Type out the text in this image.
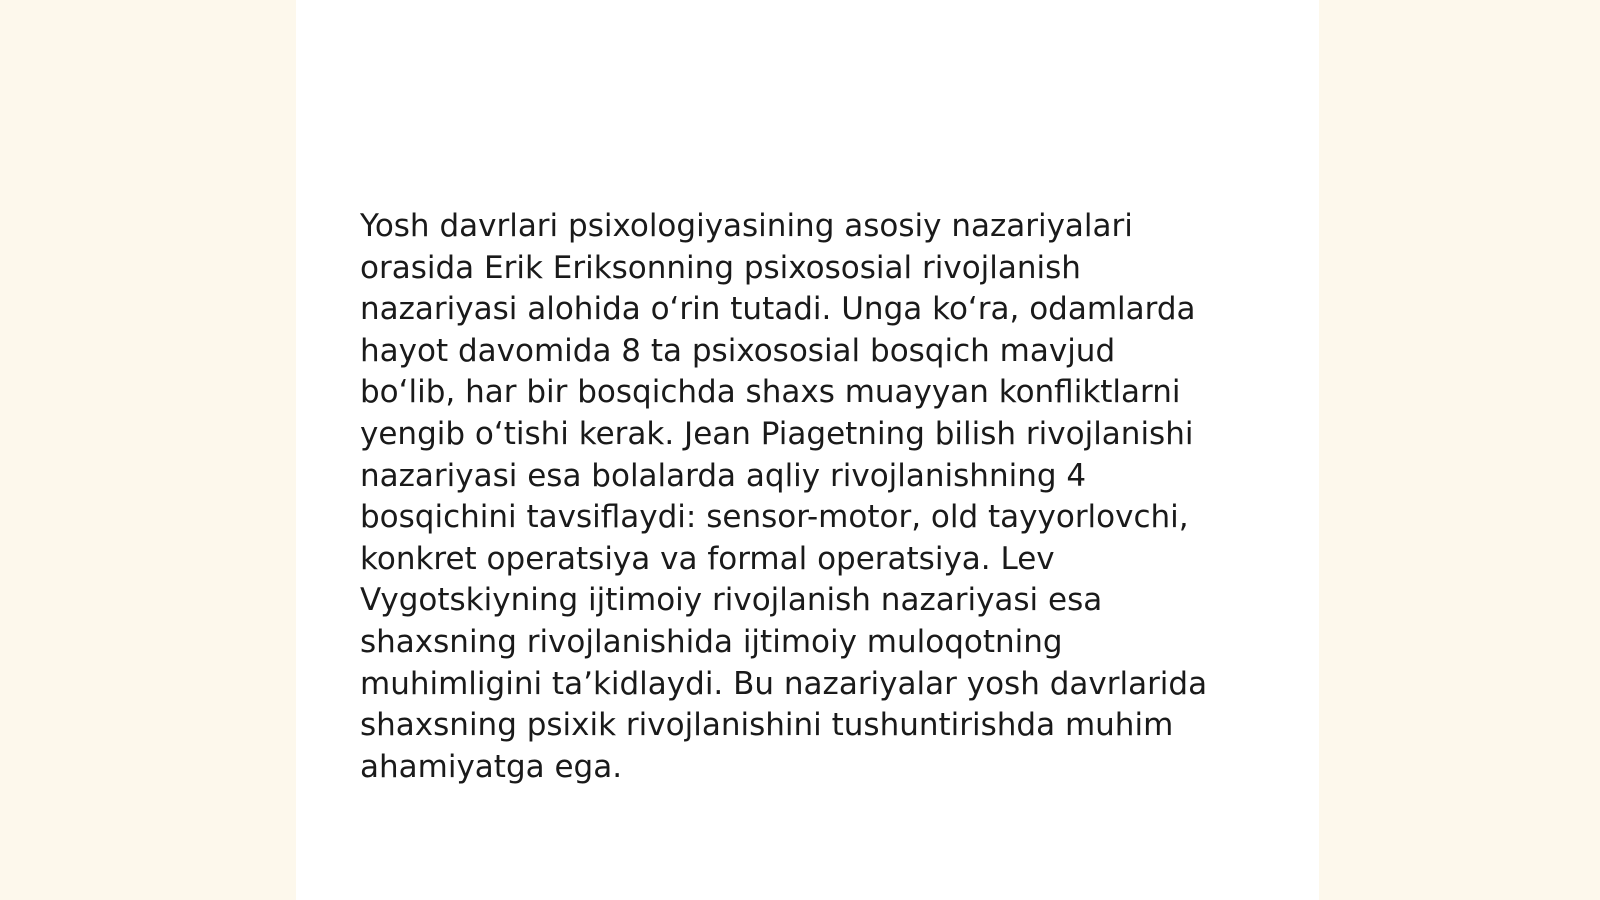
Yosh davrlari psixologiyasining asosiy nazariyalari
orasida Erik Eriksonning psixososial rivojlanish
nazariyasi alohida o‘rin tutadi. Unga ko‘ra, odamlarda
hayot davomida 8 ta psixososial bosqich mavjud
bo‘lib, har bir bosqichda shaxs muayyan konfliktlarni
yengib o‘tishi kerak. Jean Piagetning bilish rivojlanishi
nazariyasi esa bolalarda aqliy rivojlanishning 4
bosqichini tavsiflaydi: sensor-motor, old tayyorlovchi,
konkret operatsiya va formal operatsiya. Lev
Vygotskiyning ijtimoiy rivojlanish nazariyasi esa
shaxsning rivojlanishida ijtimoiy muloqotning
muhimligini ta’kidlaydi. Bu nazariyalar yosh davrlarida
shaxsning psixik rivojlanishini tushuntirishda muhim
ahamiyatga ega.
